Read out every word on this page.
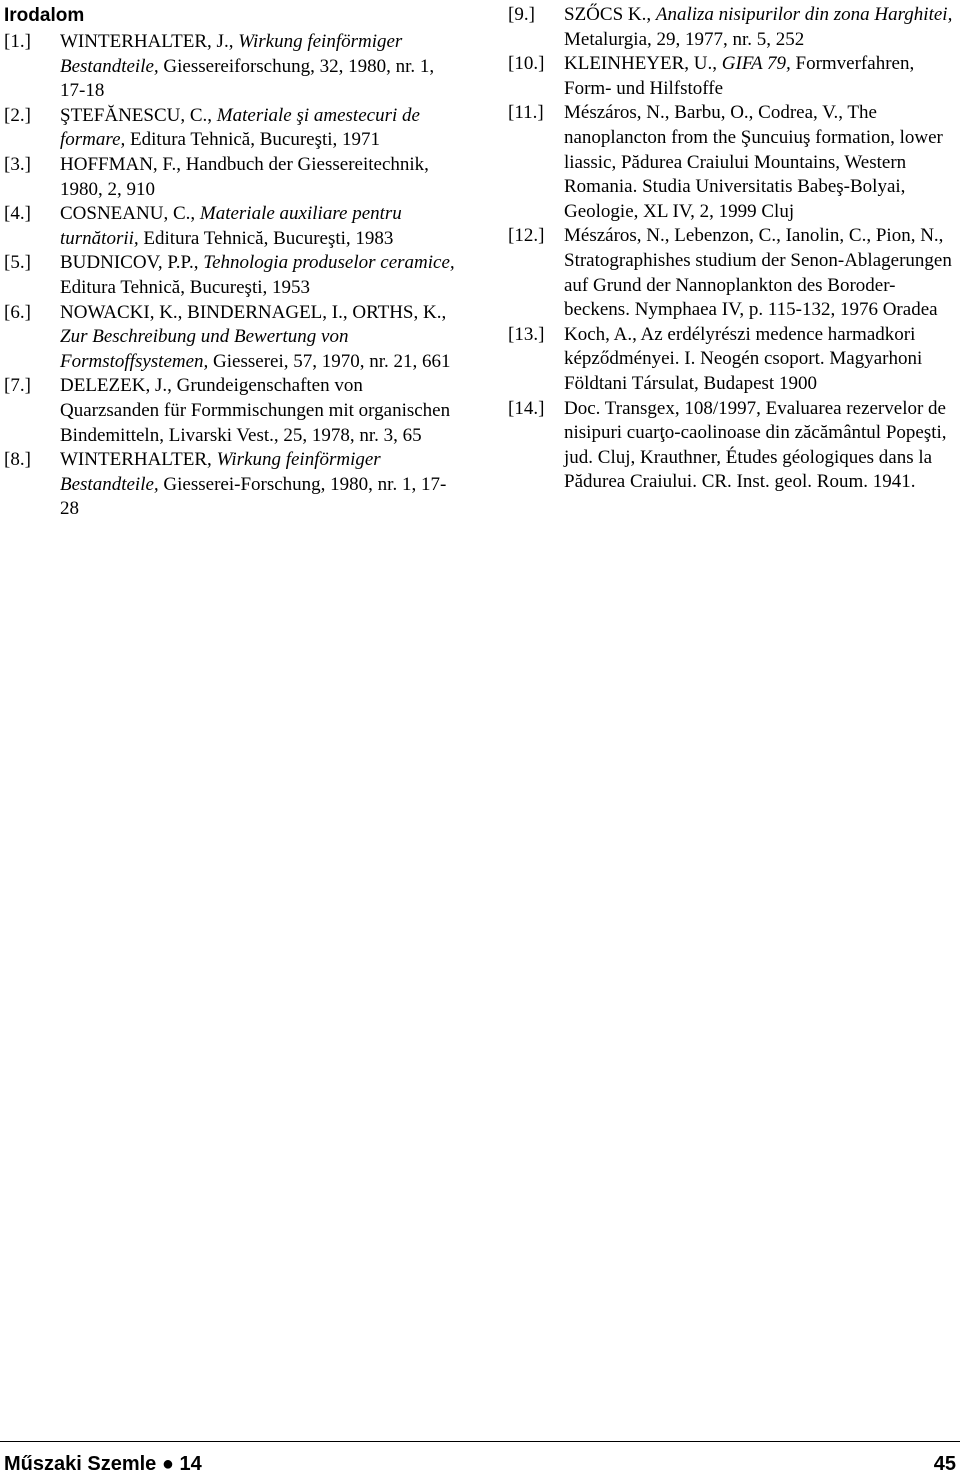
Irodalom
[1.]	WINTERHALTER, J., Wirkung feinförmiger Bestandteile, Giessereiforschung, 32, 1980, nr. 1, 17-18
[2.]	ŞTEFĂNESCU, C., Materiale şi amestecuri de formare, Editura Tehnică, Bucureşti, 1971
[3.]	HOFFMAN, F., Handbuch der Giessereitechnik, 1980, 2, 910
[4.]	COSNEANU, C., Materiale auxiliare pentru turnătorii, Editura Tehnică, Bucureşti, 1983
[5.]	BUDNICOV, P.P., Tehnologia produselor ceramice, Editura Tehnică, Bucureşti, 1953
[6.]	NOWACKI, K., BINDERNAGEL, I., ORTHS, K., Zur Beschreibung und Bewertung von Formstoffsystemen, Giesserei, 57, 1970, nr. 21, 661
[7.]	DELEZEK, J., Grundeigenschaften von Quarzsanden für Formmischungen mit organischen Bindemitteln, Livarski Vest., 25, 1978, nr. 3, 65
[8.]	WINTERHALTER, Wirkung feinförmiger Bestandteile, Giesserei-Forschung, 1980, nr. 1, 17-28
[9.]	SZŐCS K., Analiza nisipurilor din zona Harghitei, Metalurgia, 29, 1977, nr. 5, 252
[10.]	KLEINHEYER, U., GIFA 79, Formverfahren, Form- und Hilfstoffe
[11.]	Mészáros, N., Barbu, O., Codrea, V., The nanoplancton from the Şuncuiuş formation, lower liassic, Pădurea Craiului Mountains, Western Romania. Studia Universitatis Babeş-Bolyai, Geologie, XL IV, 2, 1999 Cluj
[12.]	Mészáros, N., Lebenzon, C., Ianolin, C., Pion, N., Stratographishes studium der Senon-Ablagerungen auf Grund der Nannoplankton des Boroder-beckens. Nymphaea IV, p. 115-132, 1976 Oradea
[13.]	Koch, A., Az erdélyrészi medence harmadkori képződményei. I. Neogén csoport. Magyarhoni Földtani Társulat, Budapest 1900
[14.]	Doc. Transgex, 108/1997, Evaluarea rezervelor de nisipuri cuarţo-caolinoase din zăcământul Popeşti, jud. Cluj, Krauthner, Études géologiques dans la Pădurea Craiului. CR. Inst. geol. Roum. 1941.
Műszaki Szemle ● 14	45
